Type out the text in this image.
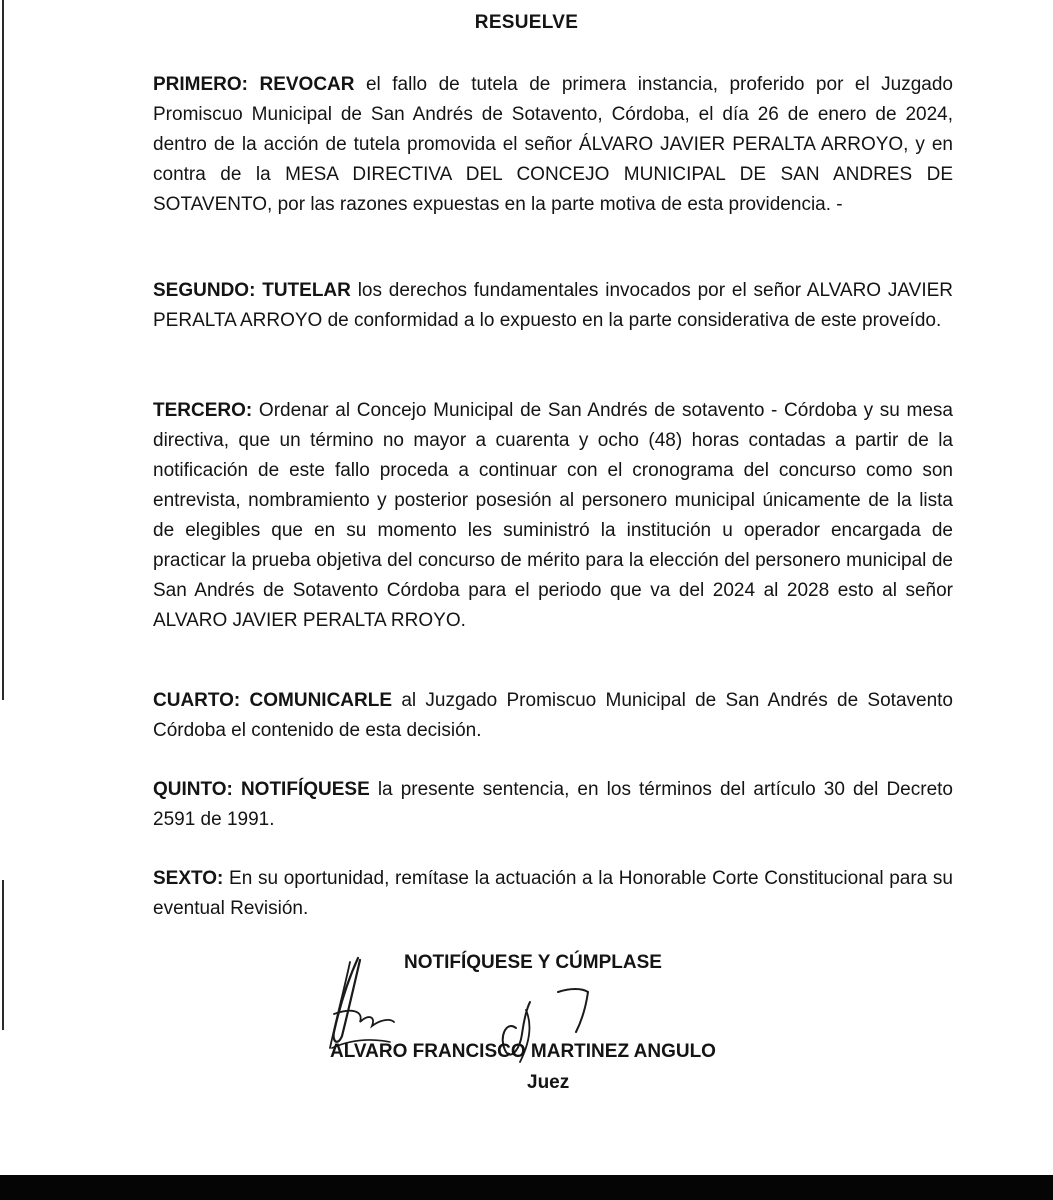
RESUELVE

PRIMERO: REVOCAR el fallo de tutela de primera instancia, proferido por el Juzgado Promiscuo Municipal de San Andrés de Sotavento, Córdoba, el día 26 de enero de 2024, dentro de la acción de tutela promovida el señor ÁLVARO JAVIER PERALTA ARROYO, y en contra de la MESA DIRECTIVA DEL CONCEJO MUNICIPAL DE SAN ANDRES DE SOTAVENTO, por las razones expuestas en la parte motiva de esta providencia. -

SEGUNDO: TUTELAR los derechos fundamentales invocados por el señor ALVARO JAVIER PERALTA ARROYO de conformidad a lo expuesto en la parte considerativa de este proveído.

TERCERO: Ordenar al Concejo Municipal de San Andrés de sotavento - Córdoba y su mesa directiva, que un término no mayor a cuarenta y ocho (48) horas contadas a partir de la notificación de este fallo proceda a continuar con el cronograma del concurso como son entrevista, nombramiento y posterior posesión al personero municipal únicamente de la lista de elegibles que en su momento les suministró la institución u operador encargada de practicar la prueba objetiva del concurso de mérito para la elección del personero municipal de San Andrés de Sotavento Córdoba para el periodo que va del 2024 al 2028 esto al señor ALVARO JAVIER PERALTA RROYO.

CUARTO: COMUNICARLE al Juzgado Promiscuo Municipal de San Andrés de Sotavento Córdoba el contenido de esta decisión.

QUINTO: NOTIFÍQUESE la presente sentencia, en los términos del artículo 30 del Decreto 2591 de 1991.

SEXTO: En su oportunidad, remítase la actuación a la Honorable Corte Constitucional para su eventual Revisión.

NOTIFÍQUESE Y CÚMPLASE
ALVARO FRANCISCO MARTINEZ ANGULO
Juez
